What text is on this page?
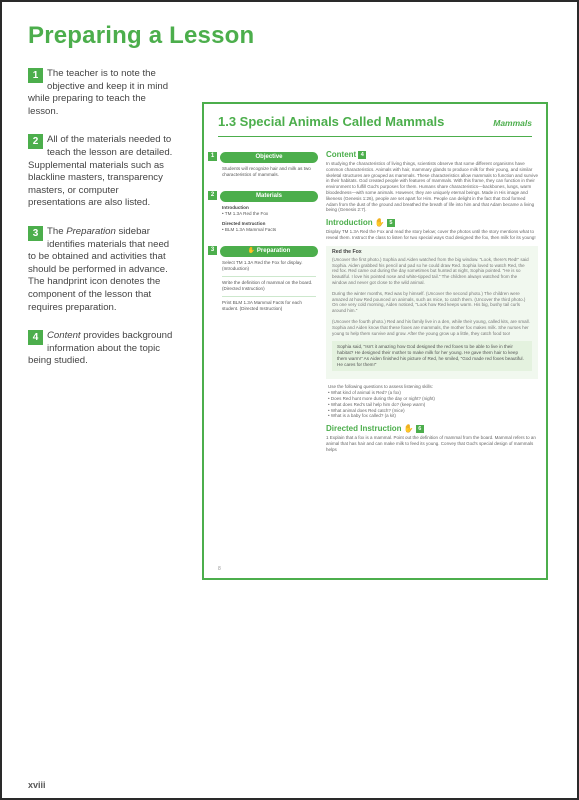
Preparing a Lesson
1 The teacher is to note the objective and keep it in mind while preparing to teach the lesson.
2 All of the materials needed to teach the lesson are detailed. Supplemental materials such as blackline masters, transparency masters, or computer presentations are also listed.
3 The Preparation sidebar identifies materials that need to be obtained and activities that should be performed in advance. The handprint icon denotes the component of the lesson that requires preparation.
4 Content provides background information about the topic being studied.
1.3 Special Animals Called Mammals	Mammals
1	Objective

Students will recognize hair and milk as two characteristics of mammals.

2	Materials

Introduction
• TM 1.3A Red the Fox

Directed Instruction
• BLM 1.3A Mammal Facts

3	✋ Preparation

Select TM 1.3A Red the Fox for display. (Introduction)

Write the definition of mammal on the board. (Directed Instruction)

Print BLM 1.3A Mammal Facts for each student. (Directed Instruction)

Content 4

In studying the characteristics of living things, scientists observe that some different organisms have common characteristics. Animals with hair, mammary glands to produce milk for their young, and similar skeletal structures are grouped as mammals. These characteristics allow mammals to function and survive in their habitats. God created people with features of mammals. With this frame, they can function in their environment to fulfill God's purposes for them. Humans share characteristics—backbones, lungs, warm bloodedness—with some animals. However, they are uniquely eternal beings. Made in His image and likeness (Genesis 1:26), people are set apart for Him. People can delight in the fact that God formed Adam from the dust of the ground and breathed the breath of life into him and that Adam became a living being (Genesis 2:7).

Introduction ✋ 5

Display TM 1.3A Red the Fox and read the story below; cover the photos until the story mentions what to reveal them. Instruct the class to listen for two special ways God designed the fox, then milk for its young!

Red the Fox

(Uncover the first photo.) Sophia and Aiden watched from the big window. "Look, there's Red!" said Sophia. Aiden grabbed his pencil and pad so he could draw Red. Sophia loved to watch Red, the red fox. Red came out during the day sometimes but hunted at night, Sophia pointed. "He is so beautiful. I love his pointed nose and white-tipped tail." The children always watched from the window and never got close to the wild animal.

During the winter months, Red was by himself. (Uncover the second photo.) The children were amazed at how Red pounced on animals, such as mice, to catch them. (Uncover the third photo.) On one very cold morning, Aiden noticed, "Look how Red keeps warm. His big, bushy tail curls around him."

(Uncover the fourth photo.) Red and his family live in a den, while their young, called kits, are small. Sophia and Aiden know that these foxes are mammals, the mother fox makes milk. She nurses her young to help them survive and grow. After the young grow up a little, they catch food too!

Sophia said, "Isn't it amazing how God designed the red foxes to be able to live in their habitat? He designed their mother to make milk for her young. He gave them hair to keep them warm!" As Aiden finished his picture of Red, he smiled, "God made red foxes beautiful. He cares for them!"
Use the following questions to assess listening skills:
• What kind of animal is Red? (a fox)
• Does Red hunt more during the day or night? (night)
• What does Red's tail help him do? (keep warm)
• What animal does Red catch? (mice)
• What is a baby fox called? (a kit)
Directed Instruction ✋ 6

1 Explain that a fox is a mammal. Point out the definition of mammal from the board. Mammal refers to an animal that has hair and can make milk to feed its young. Convey that God's special design of mammals helps

8
xviii
